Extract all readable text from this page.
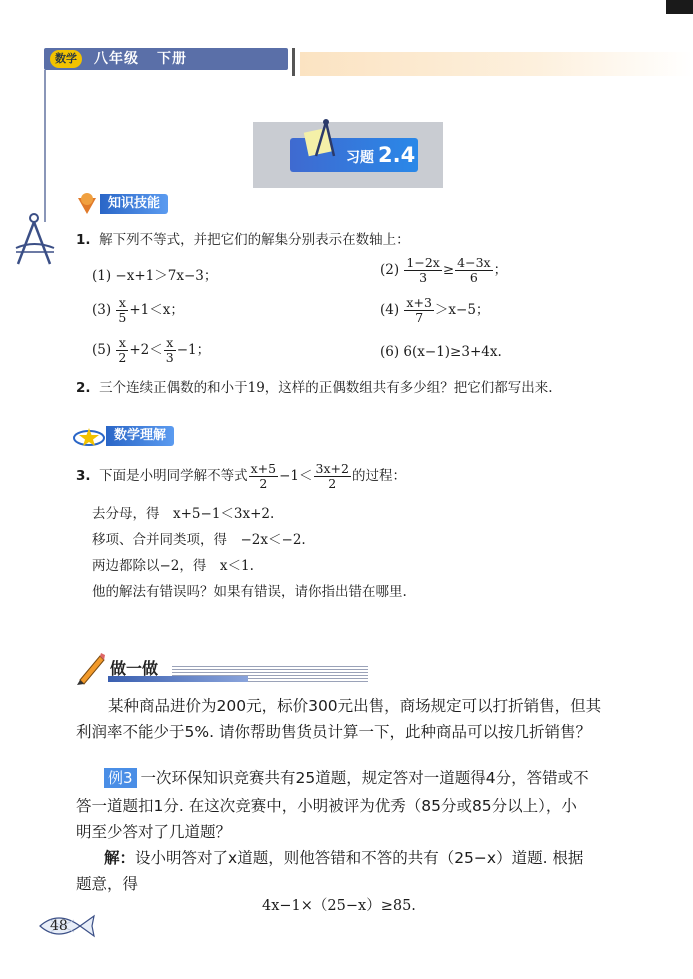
数学	八年级 下册
习题 2.4
知识技能
1. 解下列不等式，并把它们的解集分别表示在数轴上：
(1) −x+1＞7x−3；	$(2) \frac{1-2x}{3} \ge \frac{4-3x}{6}$ ；
$(3) \frac{x}{5} +1<x$；	$(4) \frac{x+3}{7} >x-5$；
$(5) \frac{x}{2} +2< \frac{x}{3} -1$；	(6) 6(x−1)≥3+4x.
2. 三个连续正偶数的和小于19，这样的正偶数组共有多少组？把它们都写出来.
数学理解
3. 下面是小明同学解不等式 $\frac{x+5}{2} -1< \frac{3x+2}{2}$ 的过程：
去分母，得　x+5−1＜3x+2.
移项、合并同类项，得　−2x＜−2.
两边都除以−2，得　x＜1.
他的解法有错误吗？如果有错误，请你指出错在哪里.
做一做
某种商品进价为200元，标价300元出售，商场规定可以打折销售，但其
利润率不能少于5%. 请你帮助售货员计算一下，此种商品可以按几折销售？
例3 一次环保知识竞赛共有25道题，规定答对一道题得4分，答错或不
答一道题扣1分. 在这次竞赛中，小明被评为优秀（85分或85分以上），小
明至少答对了几道题？
解：设小明答对了x道题，则他答错和不答的共有（25−x）道题. 根据
题意，得
4x−1×（25−x）≥85.
48
